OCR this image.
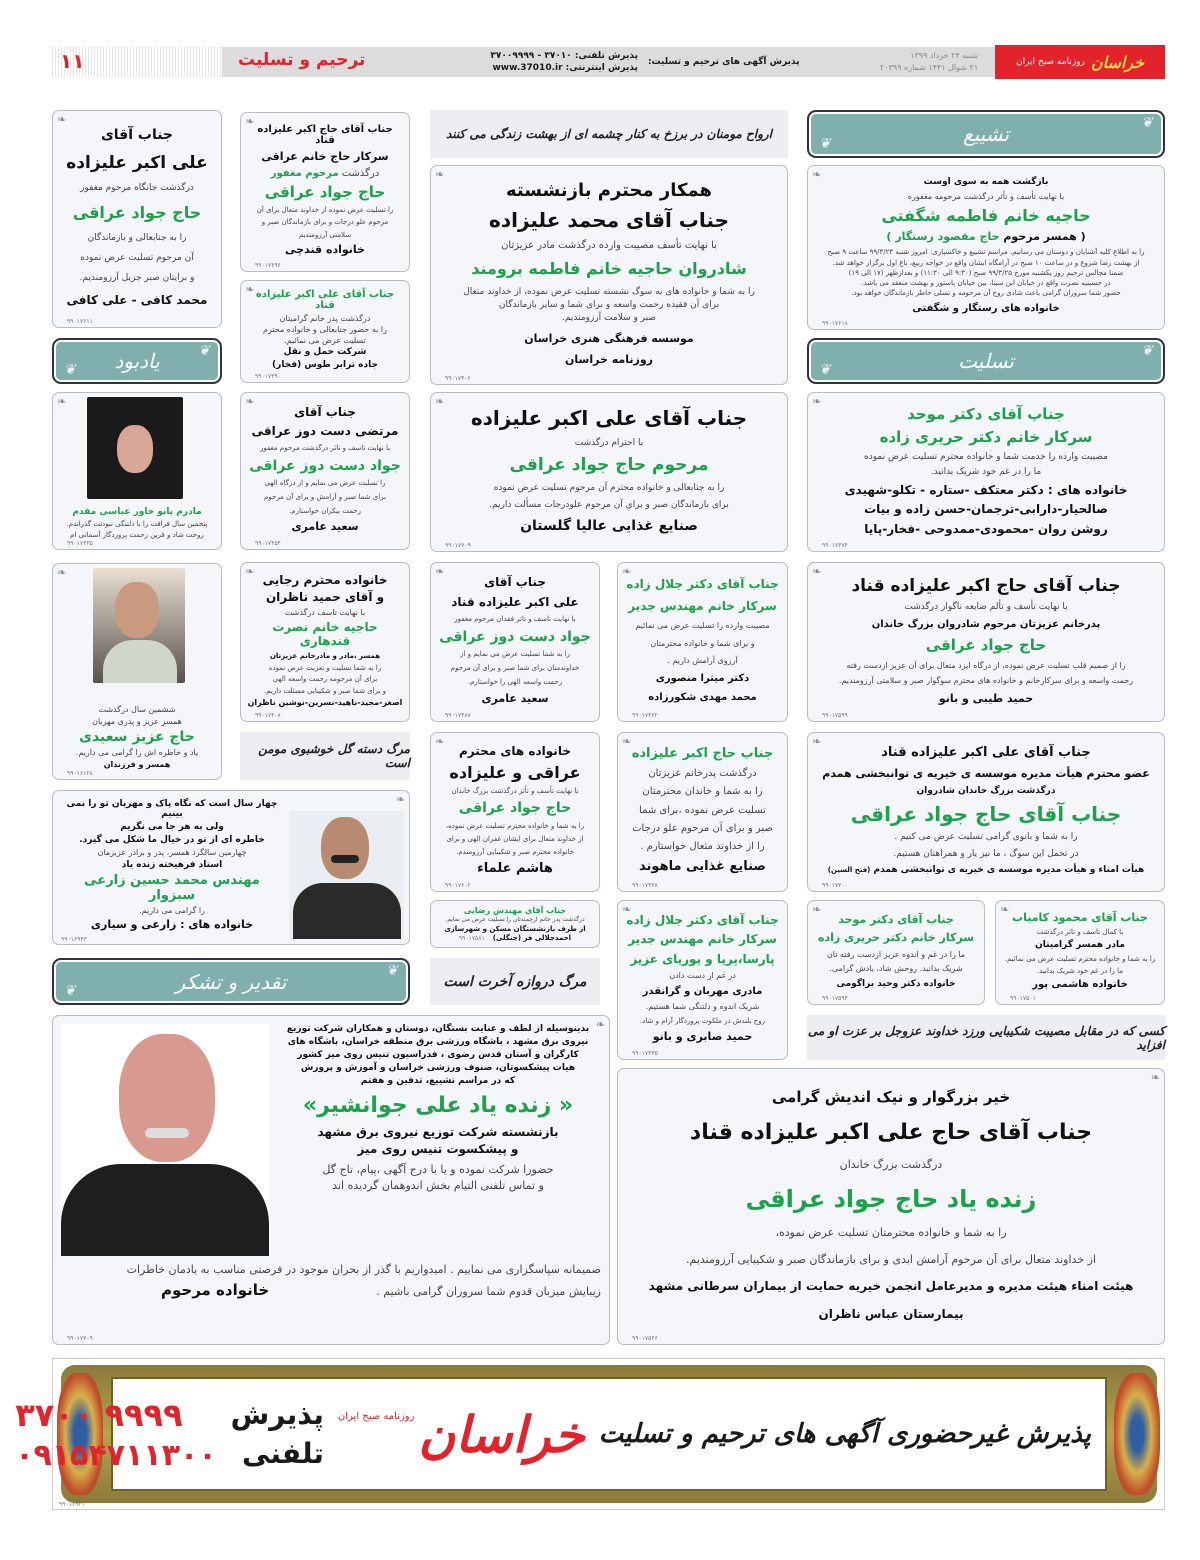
۱۱	ترحیم و تسلیت	پذیرش آگهی های ترحیم و تسلیت:
پذیرش تلفنی: ۳۷۰۱۰ - ۳۷۰۰۹۹۹۹
پذیرش اینترنتی: www.37010.ir
شنبه ۲۴ خرداد ۱۳۹۹
۲۱ شوال ۱۴۴۱ شماره ۲۰۳۹۹	خراسان
روزنامه صبح ایران
❦
تشییع
❦
❧
بازگشت همه به سوی اوست
با نهایت تأسف و تأثر درگذشت مرحومه مغفوره
حاجیه خانم فاطمه شگفتی
( همسر مرحوم حاج مقصود رستگار )
را به اطلاع کلیه آشنایان و دوستان می رسانیم. مراسم تشییع و خاکسپاری: امروز شنبه ۹۹/۳/۲۴ ساعت ۹ صبح
از بهشت رضا شروع و در ساعت ۱۰ صبح در آرامگاه ایشان واقع در خواجه ربیع، باغ اول برگزار خواهد شد.
ضمنا مجالس ترحیم روز یکشنبه مورخ ۹۹/۳/۲۵ صبح (۹:۳۰ الی ۱۱:۳۰) و بعدازظهر (۱۷ الی ۱۹)
در حسینیه نصرت واقع در خیابان ابن سینا، بین خیابان پاستور و بهشت منعقد می باشد.
حضور شما سروران گرامی باعث شادی روح آن مرحومه و تسلی خاطر بازماندگان خواهد بود.
خانواده های رستگار و شگفتی
۹۹۰۱۷۶۱۸
❦
تسلیت
❦
❧
جناب آقای دکتر موحد
سرکار خانم دکتر حریری زاده
مصیبت وارده را خدمت شما و خانواده محترم تسلیت عرض نموده
ما را در غم خود شریک بدانید.
خانواده های : دکتر معتکف -ستاره - تکلو-شهیدی
صالحیار-دارابی-ترجمان-حسن زاده و بیات
روشن روان -محمودی-ممدوحی -فخار-پایا
۹۹۰۱۷۳۷۴
❧
جناب آقای حاج اکبر علیزاده قناد
با نهایت تأسف و تألم ضایعه ناگوار درگذشت
پدرخانم عزیزتان مرحوم شادروان بزرگ خاندان
حاج جواد عراقی
را از صمیم قلب تسلیت عرض نموده، از درگاه ایزد متعال برای آن عزیز ازدست رفته
رحمت واسعه و برای سرکارخانم و خانواده های محترم سوگوار صبر و سلامتی آرزومندیم.
حمید طیبی و بانو
۹۹۰۱۷۵۹۹
❧
جناب آقای علی اکبر علیزاده قناد
عضو محترم هیأت مدیره موسسه ی خیریه ی توانبخشی همدم
درگذشت بزرگ خاندان شادروان
جناب آقای حاج جواد عراقی
را به شما و بانوی گرامی تسلیت عرض می کنیم .
در تحمل این سوگ ، ما نیز یار و همراهتان هستیم.
هیأت امناء و هیأت مدیره موسسه ی خیریه ی توانبخشی همدم (فتح السین)
۹۹۰۱۷۳۰۰
❧
جناب آقای محمود کامیاب
با کمال تاسف و تاثر درگذشت
مادر همسر گرامیتان
را به شما و خانواده محترم تسلیت عرض می نمائیم.
ما را در غم خود شریک بدانید.
خانواده هاشمی پور
۹۹۰۱۷۵۰۱
❧
جناب آقای دکتر موحد
سرکار خانم دکتر حریری زاده
ما را در غم و اندوه عزیز ازدست رفته تان
شریک بدانید. روحش شاد، یادش گرامی.
خانواده دکتر وحید براگومی
۹۹۰۱۷۵۹۴
کسی که در مقابل مصیبت شکیبایی ورزد خداوند عزوجل بر عزت او می افزاید
ارواح مومنان در برزخ به کنار چشمه ای از بهشت زندگی می کنند
❧
همکار محترم بازنشسته
جناب آقای محمد علیزاده
با نهایت تأسف مصیبت وارده درگذشت مادر عزیزتان
شادروان حاجیه خانم فاطمه برومند
را به شما و خانواده های به سوگ نشسته تسلیت عرض نموده، از خداوند متعال
برای آن فقیده رحمت واسعه و برای شما و سایر بازماندگان
صبر و سلامت آرزومندیم.
موسسه فرهنگی هنری خراسان
روزنامه خراسان
۹۹۰۱۷۴۰۶
❧
جناب آقای علی اکبر علیزاده
با احترام درگذشت
مرحوم حاج جواد عراقی
را به جنابعالی و خانواده محترم آن مرحوم تسلیت عرض نموده
برای بازماندگان صبر و برای آن مرحوم علودرجات مسألت داریم.
صنایع غذایی عالیا گلستان
۹۹۰۱۷۷۰۹
❧
جناب آقای
علی اکبر علیزاده قناد
با نهایت تاسف و تاثر فقدان مرحوم مغفور
جواد دست دوز عراقی
را به شما تسلیت عرض می نمایم و از
خداوندمنان برای شما صبر و برای آن مرحوم
رحمت واسعه الهی را خواستارم.
سعید عامری
۹۹۰۱۷۴۸۷
❧
جناب آقای دکتر جلال زاده
سرکار خانم مهندس جدیر
مصیبت وارده را تسلیت عرض می نمائیم
و برای شما و خانواده محترمتان
آرزوی آرامش داریم .
دکتر میترا منصوری
محمد مهدی شکورزاده
۹۹۰۱۷۴۲۲
❧
خانواده های محترم
عراقی و علیزاده
با نهایت تأسف و تأثر درگذشت بزرگ خاندان
حاج جواد عراقی
را به شما و خانواده محترم تسلیت عرض نموده،
از خداوند متعال برای ایشان غفران الهی و برای
خانواده محترم صبر و شکیبایی آرزومندم.
هاشم علماء
۹۹۰۱۷۶۰۲
❧
جناب حاج اکبر علیزاده
درگذشت پدرخانم عزیزتان
را به شما و خاندان محترمتان
تسلیت عرض نموده ،برای شما
صبر و برای آن مرحوم علو درجات
را از خداوند متعال خواستارم .
صنایع غذایی ماهوند
۹۹۰۱۷۴۳۸
جناب آقای مهندس رضایی
درگذشت پدر خانم ارجمندتان را تسلیت عرض می نمایم.
از طرف بازنشستگان مسکن و شهرسازی
احمدجلالی فر (جنگلی)
۹۹۰۱۷۵۸۱
مرگ دروازه آخرت است
❧
جناب آقای دکتر جلال زاده
سرکار خانم مهندس جدیر
پارسا،پریا و پوریای عزیز
در غم از دست دادن
مادری مهربان و گرانقدر
شریک اندوه و دلتنگی شما هستیم.
روح بلندش در ملکوت پروردگار آرام و شاد.
حمید صابری و بانو
۹۹۰۱۷۴۳۵
❧
جناب آقای حاج اکبر علیزاده قناد
سرکار حاج خانم عراقی
درگذشت مرحوم مغفور
حاج جواد عراقی
را تسلیت عرض نموده از خداوند متعال برای آن
مرحوم علو درجات و برای بازماندگان صبر و
سلامتی آرزومندیم
خانواده قندچی
۹۹۰۱۷۴۹۶
❧ جناب آقای علی اکبر علیزاده قناد
درگذشت پدر خانم گرامیتان
را به حضور جنابعالی و خانواده محترم
تسلیت عرض می نمائیم.
شرکت حمل و نقل
جاده ترابر طوس (فخار)
۹۹۰۱۷۴۹۰
❧
جناب آقای
مرتضی دست دوز عراقی
با نهایت تاسف و تاثر درگذشت مرحوم مغفور
جواد دست دوز عراقی
را تسلیت عرض می نمایم و از درگاه الهی
برای شما صبر و آرامش و برای آن مرحوم
رحمت بیکران خواستارم.
سعید عامری
۹۹۰۱۷۴۵۴
❧
خانواده محترم رجایی
و آقای حمید ناظران
با نهایت تاسف درگذشت
حاجیه خانم نصرت قندهاری
همسر ،مادر و مادرخانم عزیزتان
را به شما تسلیت و تعزیت عرض نموده
برای آن مرحومه رحمت واسعه الهی
و برای شما صبر و شکیبایی مسئلت داریم.
اصغر-مجید-ناهید-نسرین-نوشین ناظران
۹۹۰۱۷۴۰۸
مرگ دسته گل خوشبوی مومن است
❧
جناب آقای
علی اکبر علیزاده
درگذشت جانگاه مرحوم مغفور
حاج جواد عراقی
را به جنابعالی و بازماندگان
آن مرحوم تسلیت عرض نموده
و برایتان صبر جزیل آرزومندیم.
محمد کافی - علی کافی
۹۹۰۱۷۶۱۱
❦
یادبود
❦
❧
مادرم بانو خاور عباسی مقدم
پنجمین سال فراقت را با دلتنگی نبودنت گذراندم.
روحت شاد و قرین رحمت پروردگار آسمانی ام
۹۹۰۱۷۳۳۵
❧
ششمین سال درگذشت
همسر عزیز و پدری مهربان
حاج عزیز سعیدی
یاد و خاطره اش را گرامی می داریم.
همسر و فرزندان
۹۹۰۱۶۱۲۸
❧
چهار سال است که نگاه پاک و مهربان تو را نمی بینیم
ولی به هر جا می نگریم
خاطره ای از تو در خیال ما شکل می گیرد.
چهارمین سالگرد همسر، پدر و برادر عزیزمان
استاد فرهیخته زنده یاد
مهندس محمد حسین زارعی سبزوار
را گرامی می داریم.
خانواده های : زارعی و سیاری
۹۹۰۱۶۹۴۳
❦
تقدیر و تشکر
❦
❧
بدینوسیله از لطف و عنایت بستگان، دوستان و همکاران شرکت توزیع
نیروی برق مشهد ، باشگاه ورزشی برق منطقه خراسان، باشگاه های
کارگران و آستان قدس رضوی ، فدراسیون تنیس روی میز کشور
هیات پیشکسوتان، صنوف ورزشی خراسان و آموزش و پرورش
که در مراسم تشییع، تدفین و هفتم
« زنده یاد علی جوانشیر»
بازنشسته شرکت توزیع نیروی برق مشهد
و پیشکسوت تنیس روی میز
حضورا شرکت نموده و یا با درج آگهی ،پیام، تاج گل
و تماس تلفنی التیام بخش اندوهمان گردیده اند
صمیمانه سپاسگزاری می نماییم . امیدواریم با گذر از بحران موجود در فرصتی مناسب به یادمان خاطرات
زیبایش میزبان قدوم شما سروران گرامی باشیم .
خانواده مرحوم
۹۹۰۱۷۳۰۹
❧
خیر بزرگوار و نیک اندیش گرامی
جناب آقای حاج علی اکبر علیزاده قناد
درگذشت بزرگ خاندان
زنده یاد حاج جواد عراقی
را به شما و خانواده محترمتان تسلیت عرض نموده،
از خداوند متعال برای آن مرحوم آرامش ابدی و برای بازماندگان صبر و شکیبایی آرزومندیم.
هیئت امناء هیئت مدیره و مدیرعامل انجمن خیریه حمایت از بیماران سرطانی مشهد
بیمارستان عباس ناظران
۹۹۰۱۷۵۴۶
پذیرش غیرحضوری آگهی های ترحیم و تسلیت
خراسان
روزنامه صبح ایران
پذیرش
تلفنی
۳۷۰۰ ۹۹۹۹
۰۹۱۵۴۷۱۱۳۰۰
۹۹۰۱۶۹۲۱
